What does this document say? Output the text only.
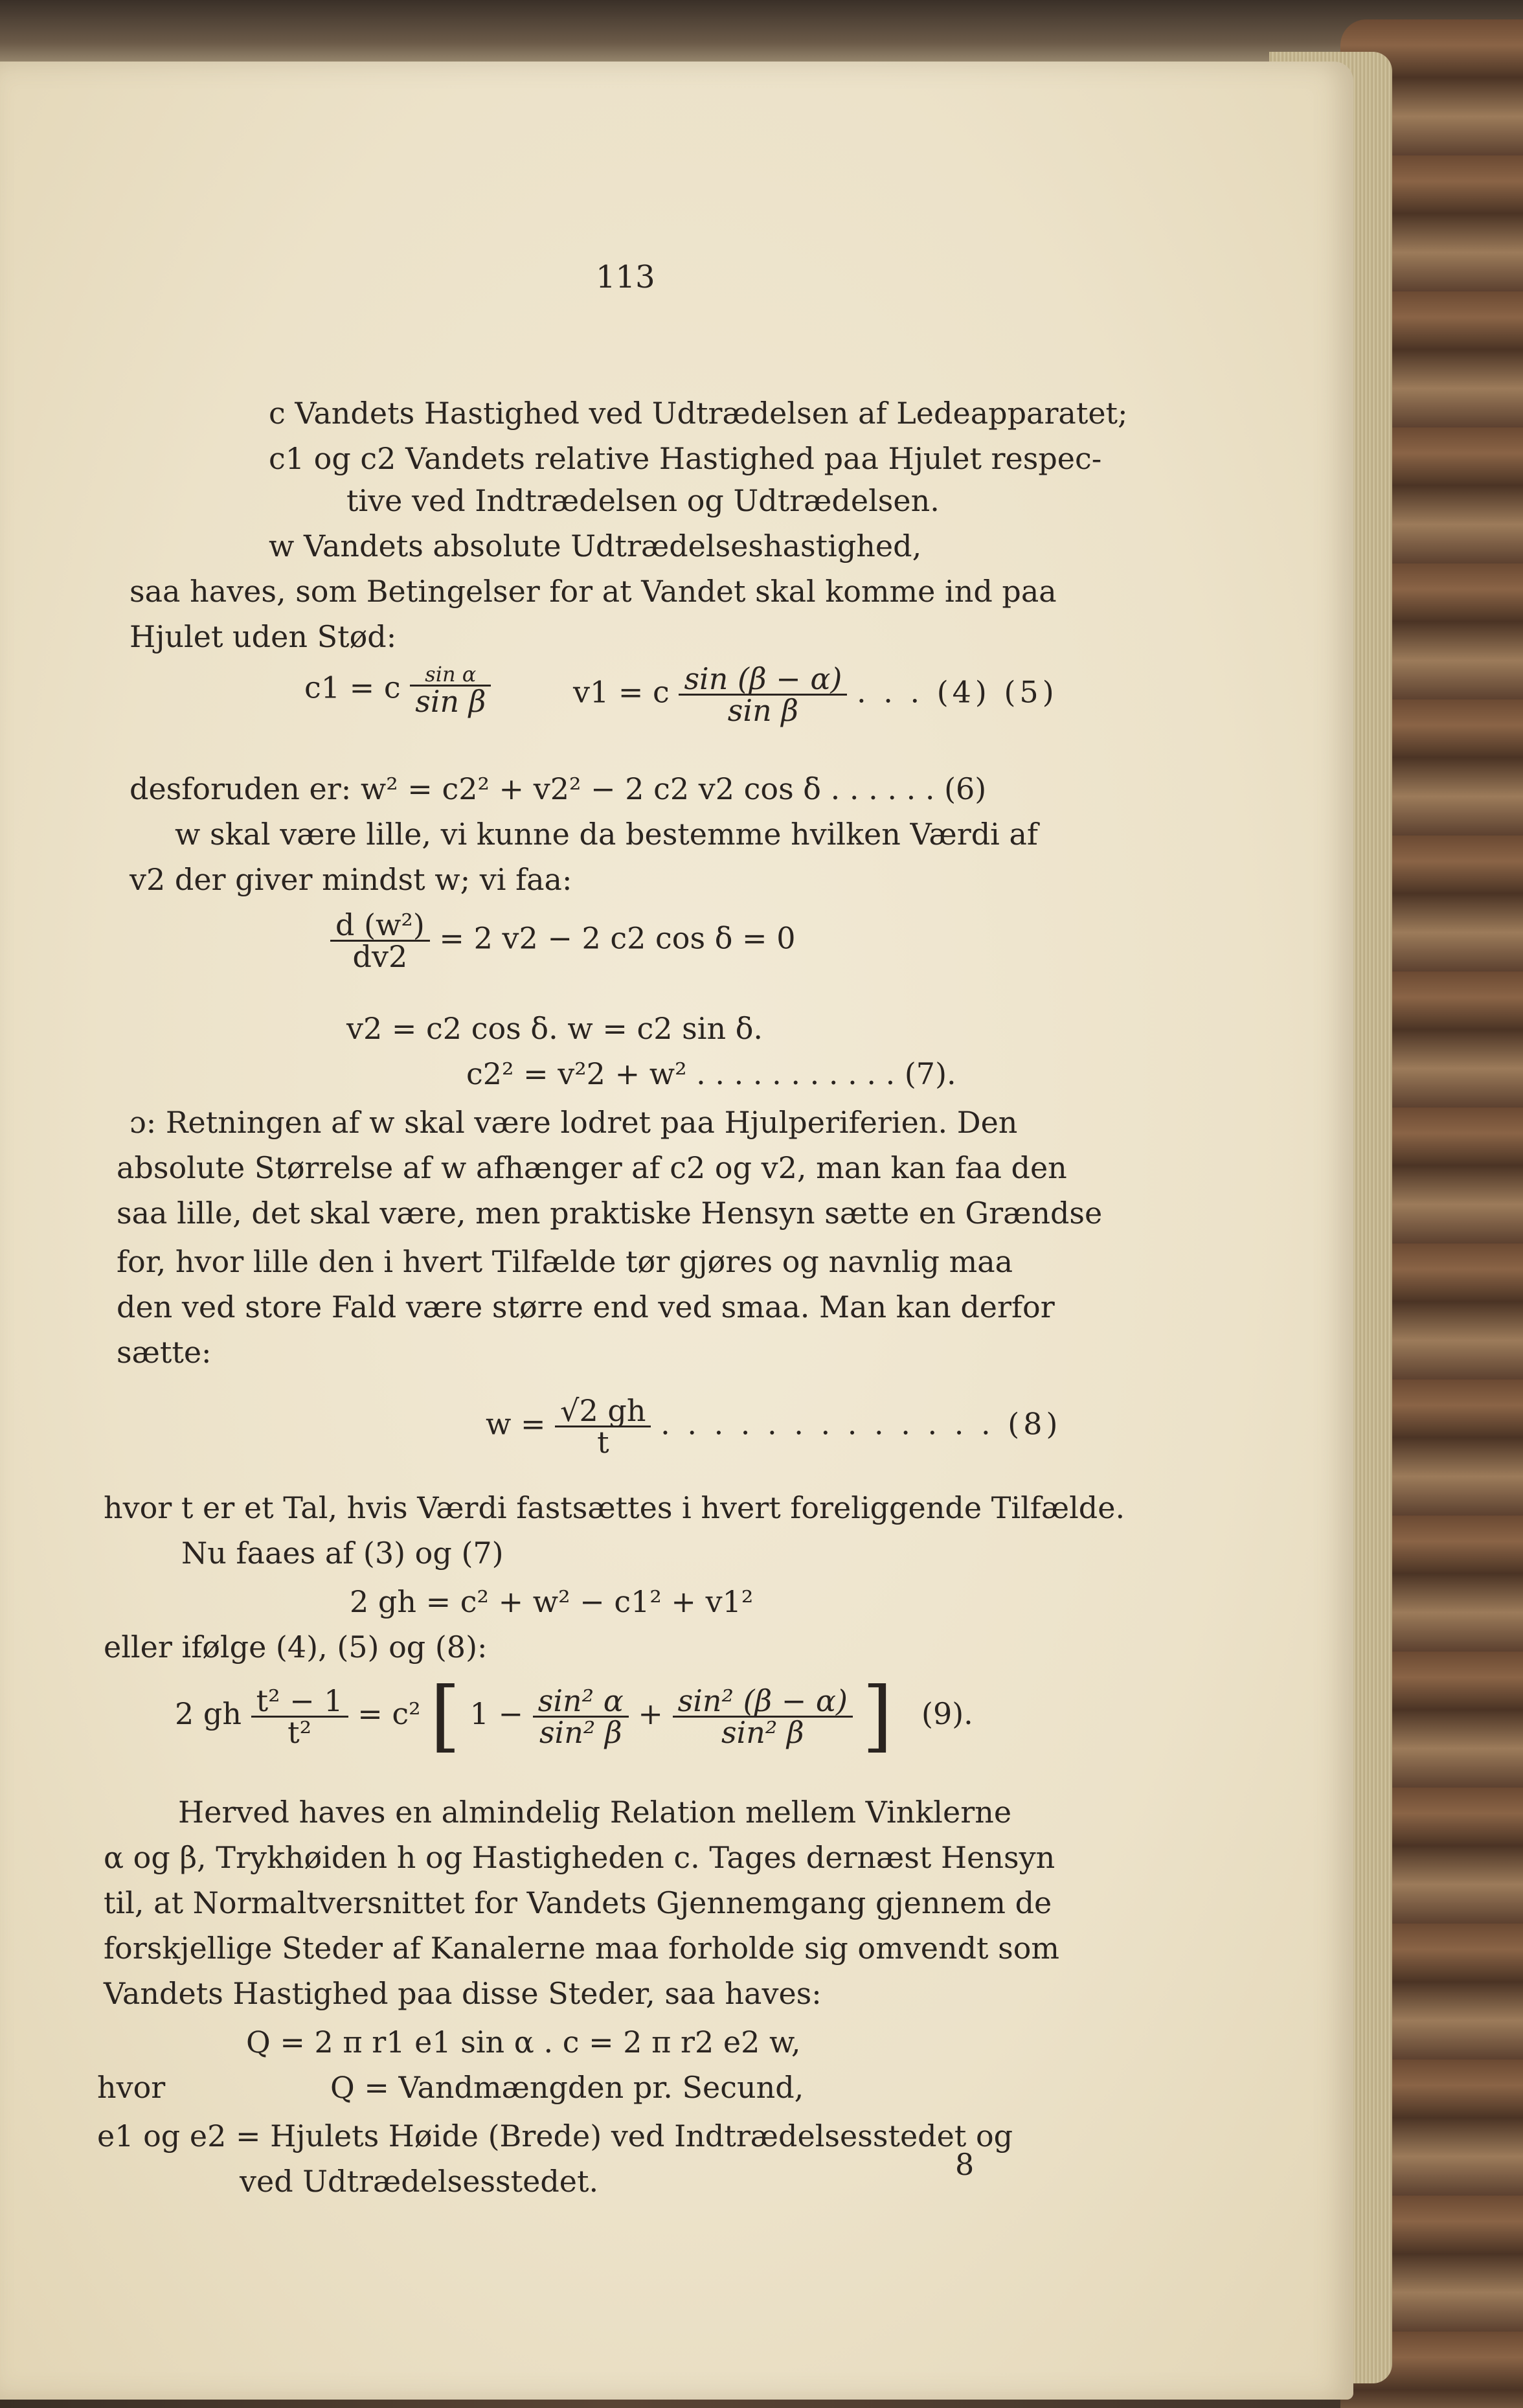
113
c Vandets Hastighed ved Udtrædelsen af Ledeapparatet;
c1 og c2 Vandets relative Hastighed paa Hjulet respec-
tive ved Indtrædelsen og Udtrædelsen.
w Vandets absolute Udtrædelseshastighed,
saa haves, som Betingelser for at Vandet skal komme ind paa
Hjulet uden Stød:
c1 = c $\frac{\text{sin α}}{\text{sin β}}$	v1 = c $\frac{\sin (\beta - \alpha)}{\text{sin β}}$ . . . (4) (5)
desforuden er: w² = c2² + v2² − 2 c2 v2 cos δ . . . . . . (6)
w skal være lille, vi kunne da bestemme hvilken Værdi af
v2 der giver mindst w; vi faa:
$\frac{\text{d (w²)}}{dv2} = 2$ v2 − 2 c2 cos δ = 0
v2 = c2 cos δ. w = c2 sin δ.
c2² = v²2 + w² . . . . . . . . . . . (7).
ɔ: Retningen af w skal være lodret paa Hjulperiferien. Den
absolute Størrelse af w afhænger af c2 og v2, man kan faa den
saa lille, det skal være, men praktiske Hensyn sætte en Grændse
for, hvor lille den i hvert Tilfælde tør gjøres og navnlig maa
den ved store Fald være større end ved smaa. Man kan derfor
sætte:
$w = \frac{√2 gh}{t}$ . . . . . . . . . . . . . (8)
hvor t er et Tal, hvis Værdi fastsættes i hvert foreliggende Tilfælde.
Nu faaes af (3) og (7)
2 gh = c² + w² − c1² + v1²
eller ifølge (4), (5) og (8):
2 gh $\frac{\text{t² − 1}}{\text{t²}} = c^2$ [ $1 - \frac{\text{sin² α}}{\text{sin² β}} + \frac{\text{sin² (β − α)}}{\text{sin² β}}$ ] (9).
Herved haves en almindelig Relation mellem Vinklerne
α og β, Trykhøiden h og Hastigheden c. Tages dernæst Hensyn
til, at Normaltversnittet for Vandets Gjennemgang gjennem de
forskjellige Steder af Kanalerne maa forholde sig omvendt som
Vandets Hastighed paa disse Steder, saa haves:
Q = 2 π r1 e1 sin α . c = 2 π r2 e2 w,
hvor	Q = Vandmængden pr. Secund,
e1 og e2 = Hjulets Høide (Brede) ved Indtrædelsesstedet og
ved Udtrædelsesstedet.	8
